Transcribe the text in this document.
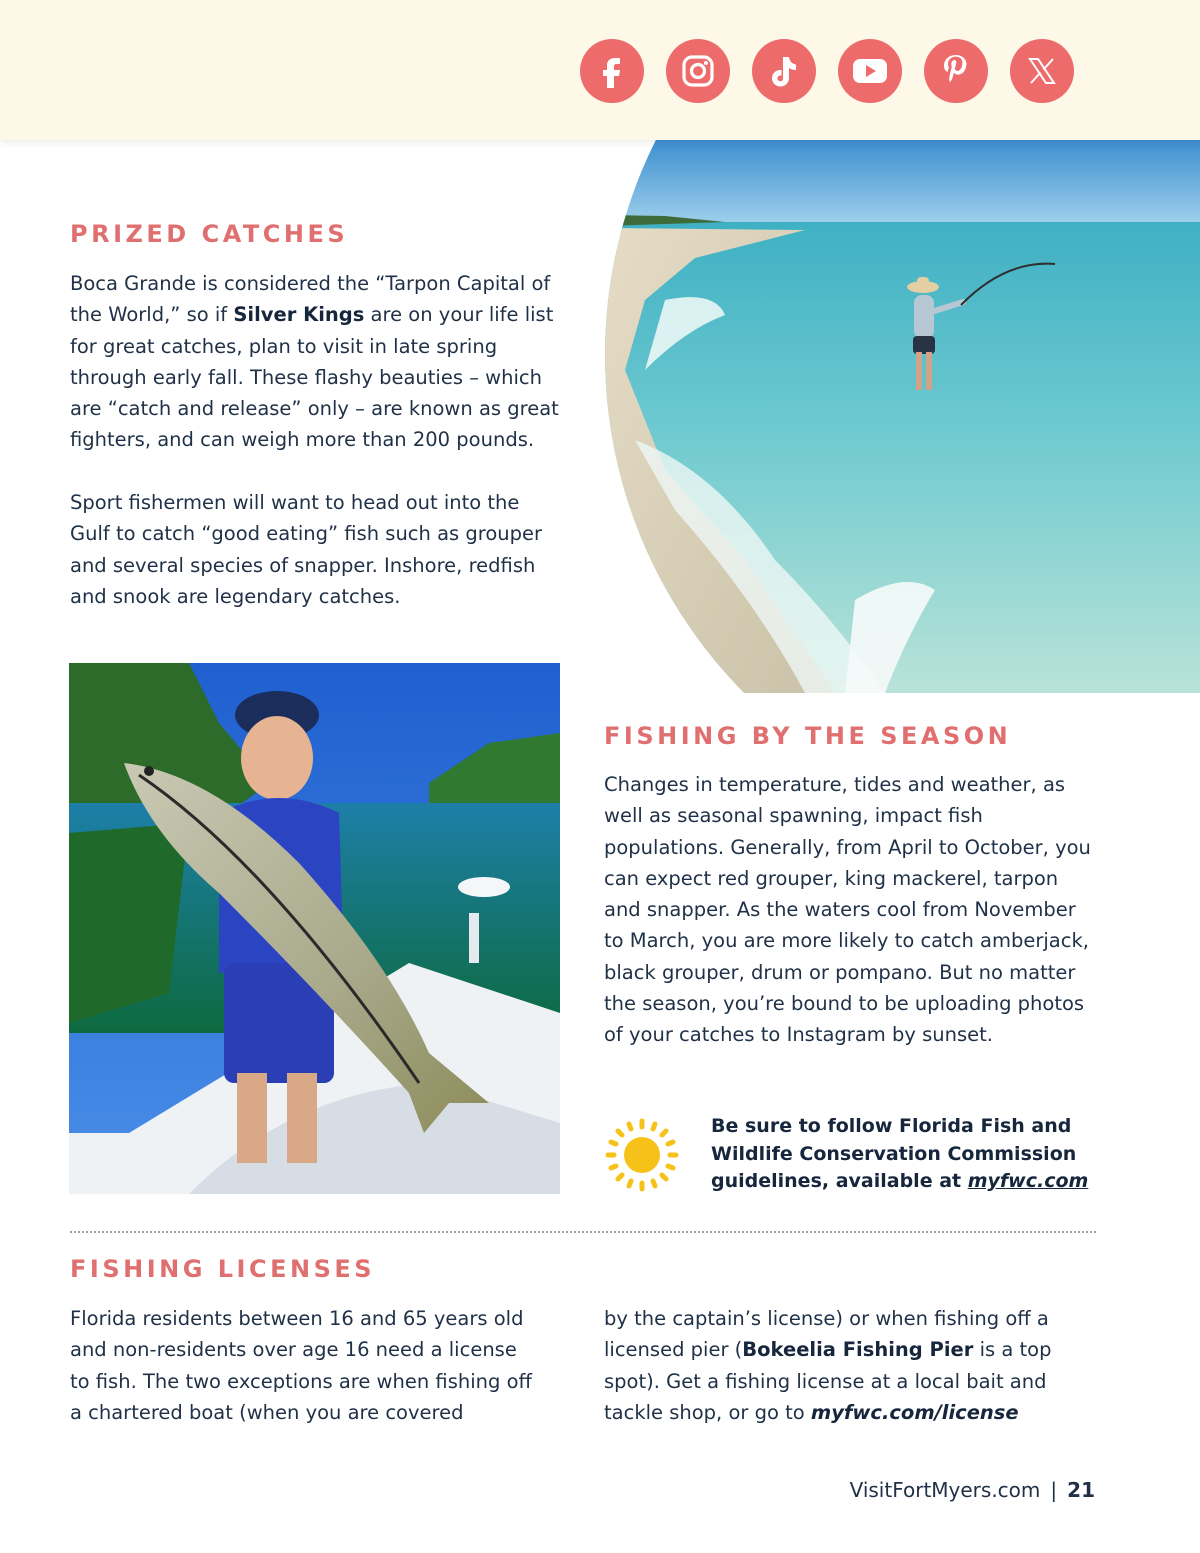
PRIZED CATCHES

Boca Grande is considered the “Tarpon Capital of the World,” so if Silver Kings are on your life list for great catches, plan to visit in late spring through early fall. These flashy beauties – which are “catch and release” only – are known as great fighters, and can weigh more than 200 pounds.

Sport fishermen will want to head out into the Gulf to catch “good eating” fish such as grouper and several species of snapper. Inshore, redfish and snook are legendary catches.

FISHING BY THE SEASON

Changes in temperature, tides and weather, as well as seasonal spawning, impact fish populations. Generally, from April to October, you can expect red grouper, king mackerel, tarpon and snapper. As the waters cool from November to March, you are more likely to catch amberjack, black grouper, drum or pompano. But no matter the season, you’re bound to be uploading photos of your catches to Instagram by sunset.

Be sure to follow Florida Fish and Wildlife Conservation Commission guidelines, available at myfwc.com

FISHING LICENSES

Florida residents between 16 and 65 years old and non-residents over age 16 need a license to fish. The two exceptions are when fishing off a chartered boat (when you are covered

by the captain’s license) or when fishing off a licensed pier (Bokeelia Fishing Pier is a top spot). Get a fishing license at a local bait and tackle shop, or go to myfwc.com/license

VisitFortMyers.com | 21
